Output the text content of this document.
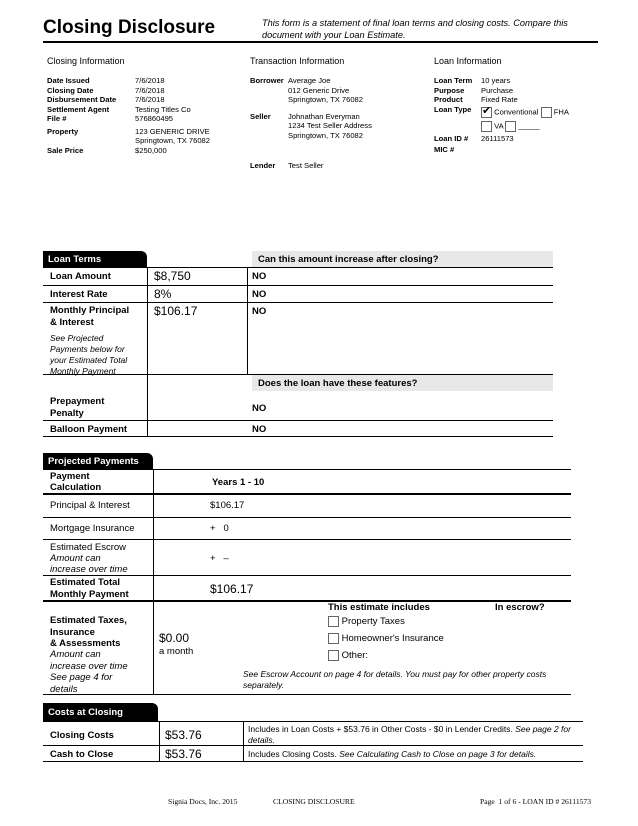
Closing Disclosure	This form is a statement of final loan terms and closing costs. Compare this document with your Loan Estimate.
Closing Information
Date Issued	7/6/2018
Closing Date	7/6/2018
Disbursement Date	7/6/2018
Settlement Agent	Testing Titles Co
File #	576860495
Property	123 GENERIC DRIVE
Springtown, TX 76082
Sale Price	$250,000
Transaction Information
Borrower Average Joe
012 Generic Drive
Springtown, TX 76082
Seller	Johnathan Everyman
1234 Test Seller Address
Springtown, TX 76082
Lender	Test Seller
Loan Information
Loan Term	10 years
Purpose	Purchase
Product	Fixed Rate
Loan Type
✔	Conventional FHA
VA _____
Loan ID #	26111573
MIC #
Loan Terms	Can this amount increase after closing?
Loan Amount	$8,750	NO
Interest Rate	8%	NO
Monthly Principal
& Interest
See Projected
Payments below for
your Estimated Total
Monthly Payment
$106.17	NO
Does the loan have these features?
Prepayment
Penalty	NO
Balloon Payment	NO
Projected Payments
Payment
Calculation	Years 1 - 10
Principal & Interest	$106.17
Mortgage Insurance	+   0
Estimated Escrow
Amount can
increase over time
+   –
Estimated Total
Monthly Payment	$106.17
Estimated Taxes,
Insurance
& Assessments
Amount can
increase over time
See page 4 for
details
$0.00
a month
This estimate includes	In escrow?
Property Taxes
Homeowner's Insurance
Other:
See Escrow Account on page 4 for details. You must pay for other property costs separately.
Costs at Closing
Closing Costs	$53.76	Includes in Loan Costs + $53.76 in Other Costs - $0 in Lender Credits. See page 2 for details.
Cash to Close	$53.76	Includes Closing Costs. See Calculating Cash to Close on page 3 for details.
Signia Docs, Inc. 2015	CLOSING DISCLOSURE	Page  1 of 6 - LOAN ID # 26111573
